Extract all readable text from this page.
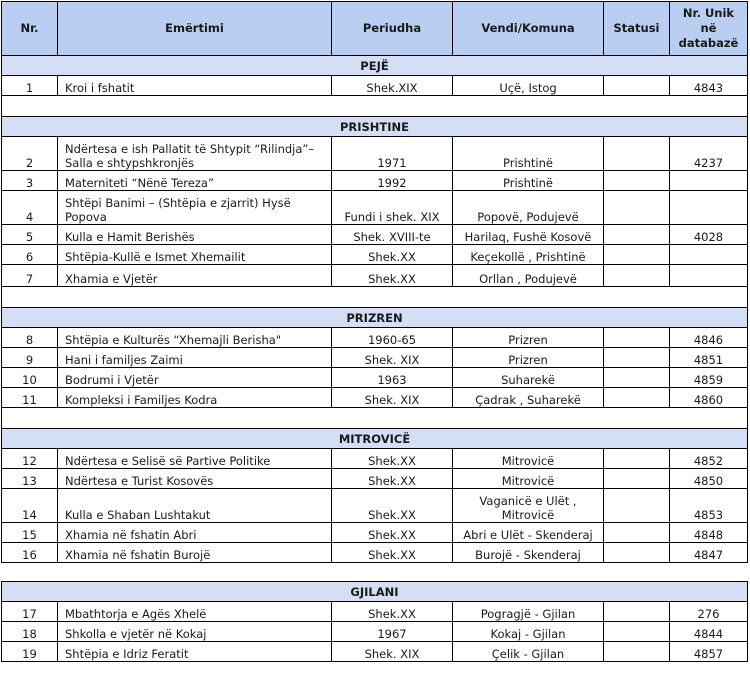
Nr.	Emërtimi	Periudha	Vendi/Komuna	Statusi	Nr. Unik
në
databazë
PEJË					
1	Kroi i fshatit	Shek.XIX	Uçë, Istog		4843

PRISHTINE					
2	Ndërtesa e ish Pallatit të Shtypit “Rilindja”– Salla e shtypshkronjës	1971	Prishtinë		4237
3	Materniteti “Nënë Tereza”	1992	Prishtinë		
4	Shtëpi Banimi – (Shtëpia e zjarrit) Hysë Popova	Fundi i shek. XIX	Popovë, Podujevë		
5	Kulla e Hamit Berishës	Shek. XVIII-te	Harilaq, Fushë Kosovë		4028
6	Shtëpia-Kullë e Ismet Xhemailit	Shek.XX	Keçekollë , Prishtinë		
7	Xhamia e Vjetër	Shek.XX	Orllan , Podujevë		

PRIZREN					
8	Shtëpia e Kulturës “Xhemajli Berisha"	1960-65	Prizren		4846
9	Hani i familjes Zaimi	Shek. XIX	Prizren		4851
10	Bodrumi i Vjetër	1963	Suharekë		4859
11	Kompleksi i Familjes Kodra	Shek. XIX	Çadrak , Suharekë		4860

MITROVICË					
12	Ndërtesa e Selisë së Partive Politike	Shek.XX	Mitrovicë		4852
13	Ndërtesa e Turist Kosovës	Shek.XX	Mitrovicë		4850
14	Kulla e Shaban Lushtakut	Shek.XX	Vaganicë e Ulët , Mitrovicë		4853
15	Xhamia në fshatin Abri	Shek.XX	Abri e Ulët - Skenderaj		4848
16	Xhamia në fshatin Burojë	Shek.XX	Burojë - Skenderaj		4847

GJILANI					
17	Mbathtorja e Agës Xhelë	Shek.XX	Pogragjë - Gjilan		276
18	Shkolla e vjetër në Kokaj	1967	Kokaj - Gjilan		4844
19	Shtëpia e Idriz Feratit	Shek. XIX	Çelik - Gjilan		4857
